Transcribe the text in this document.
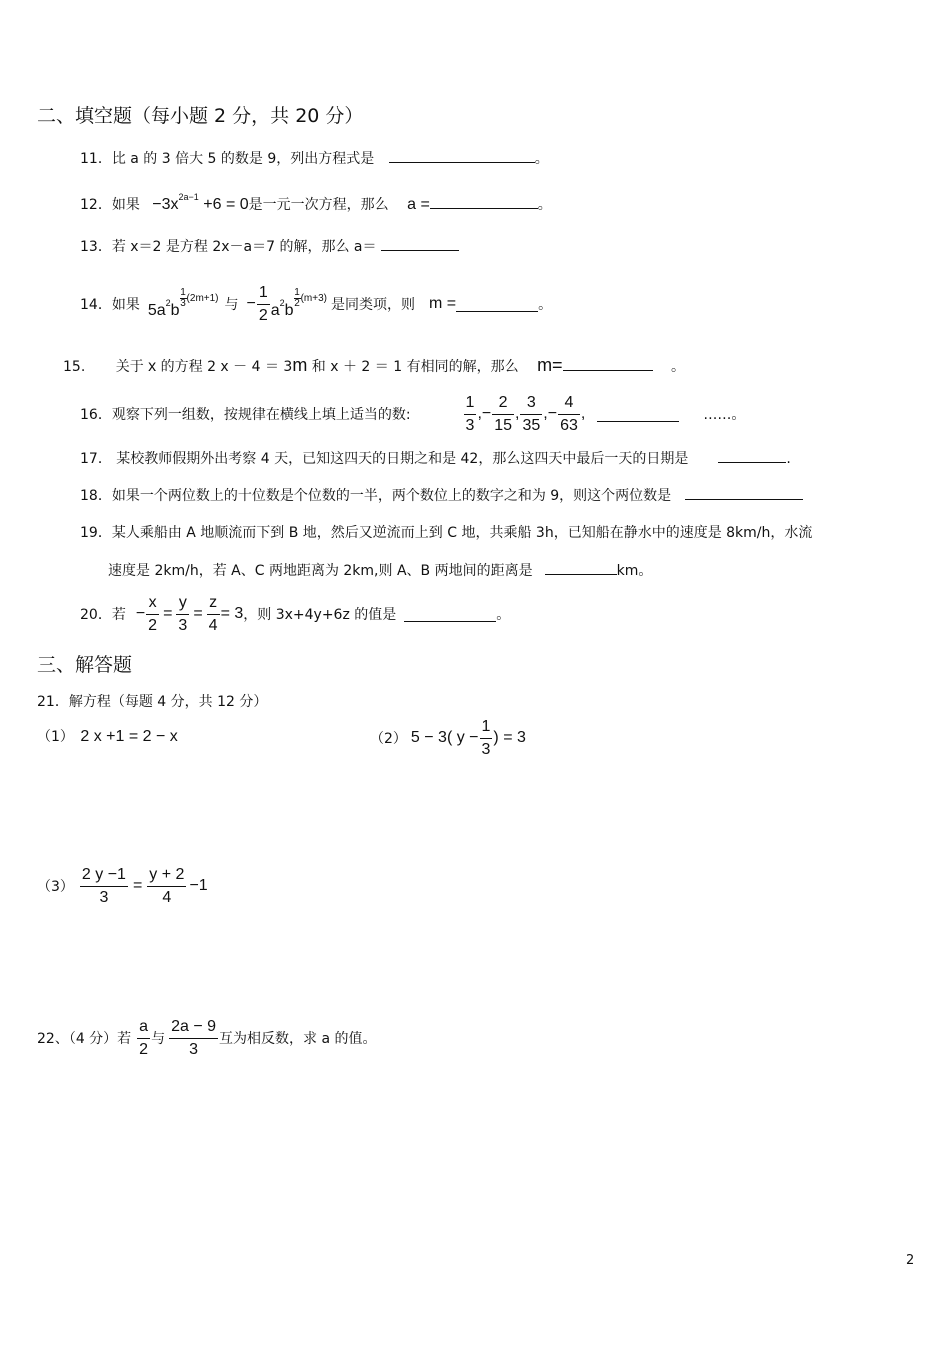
二、填空题（每小题 2 分，共 20 分）
11．比 a 的 3 倍大 5 的数是 9，列出方程式是	。
12．如果 $-3x^{2a-1} +6 = 0$是一元一次方程，那么 a =	。
13．若 x＝2 是方程 2x－a＝7 的解，那么 a＝
14．如果 $5a^2b$
$^{\frac{1}{3} (2m+1)}$ 与 − $\frac{1}{2} a^2b$
$^{\frac{1}{2} (m+3)}$ 是同类项，则 m =	。
15. 关于 x 的方程 2 x － 4 ＝ 3m 和 x ＋ 2 ＝ 1 有相同的解，那么 m=	。
16．观察下列一组数，按规律在横线上填上适当的数:	$\frac{1}{3}$ ,− $\frac{2}{15}$ , $\frac{3}{35}$ ,− $\frac{4}{63}$ ,	……。
17． 某校教师假期外出考察 4 天，已知这四天的日期之和是 42，那么这四天中最后一天的日期是	.
18．如果一个两位数上的十位数是个位数的一半，两个数位上的数字之和为 9，则这个两位数是
19．某人乘船由 A 地顺流而下到 B 地，然后又逆流而上到 C 地，共乘船 3h，已知船在静水中的速度是 8km/h，水流
速度是 2km/h，若 A、C 两地距离为 2km,则 A、B 两地间的距离是	km。
20．若 − $\frac{x}{2} = \frac{y}{3} = \frac{z}{4} = 3$ ，则 3x+4y+6z 的值是	。
三、解答题
21．解方程（每题 4 分，共 12 分）
（1） 2 x +1 = 2 − x	（2） 5 − 3( $y - \frac{1}{3}$ ) = 3
$(3) \frac{2 y -1}{3} = \frac{y + 2}{4} -1$
22、（4 分）若 $\frac{a}{2}$ 与 $\frac{2a - 9}{3}$ 互为相反数，求 a 的值。
2
